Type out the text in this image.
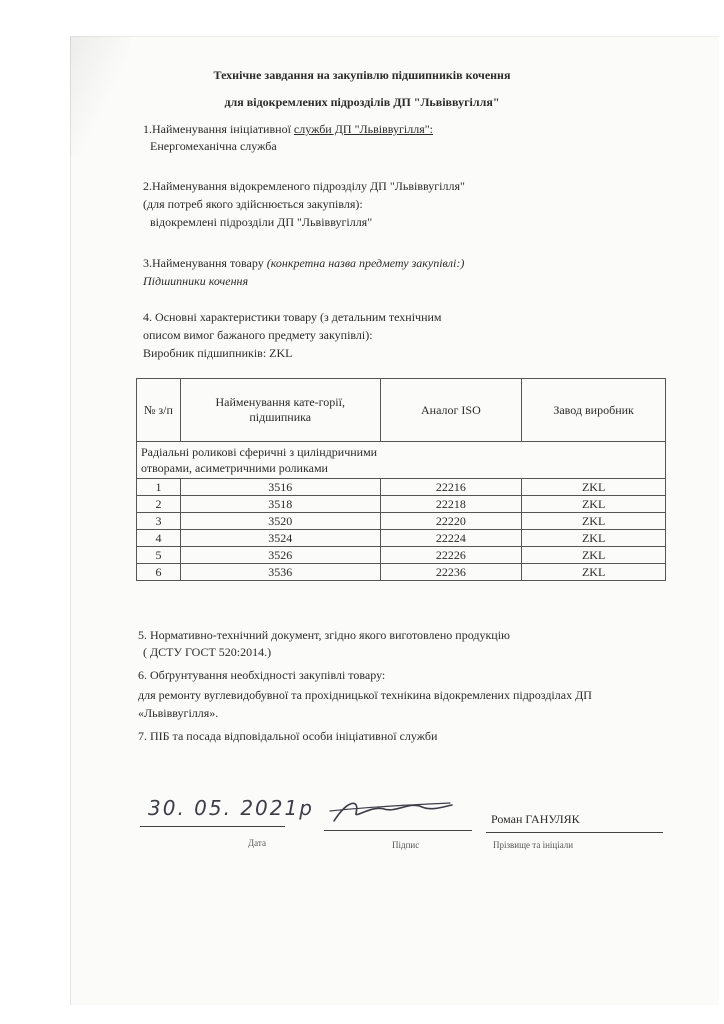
Технічне завдання на закупівлю підшипників кочення
для відокремлених підрозділів ДП "Львіввугілля"
1.Найменування ініціативної служби ДП "Львіввугілля":
Енергомеханічна служба
2.Найменування відокремленого підрозділу ДП "Львіввугілля"
(для потреб якого здійснюється закупівля):
відокремлені підрозділи ДП "Львіввугілля"
3.Найменування товару (конкретна назва предмету закупівлі:)
Підшипники кочення
4. Основні характеристики товару (з детальним технічним
описом вимог бажаного предмету закупівлі):
Виробник підшипників: ZKL
№ з/п	Найменування кате-горії, підшипника	Аналог ISO	Завод виробник

Радіальні роликові сферичні з циліндричними
отворами, асиметричними роликами			

1	3516	22216	ZKL
2	3518	22218	ZKL
3	3520	22220	ZKL
4	3524	22224	ZKL
5	3526	22226	ZKL
6	3536	22236	ZKL
5. Нормативно-технічний документ, згідно якого виготовлено продукцію
( ДСТУ ГОСТ 520:2014.)
6. Обґрунтування необхідності закупівлі товару:
для ремонту вуглевидобувної та прохідницької технікина відокремлених підрозділах ДП
«Львіввугілля».
7. ПІБ та посада відповідальної особи ініціативної служби
30. 05. 2021р
Дата	Підпис
Роман ГАНУЛЯК
Прізвище та ініціали
